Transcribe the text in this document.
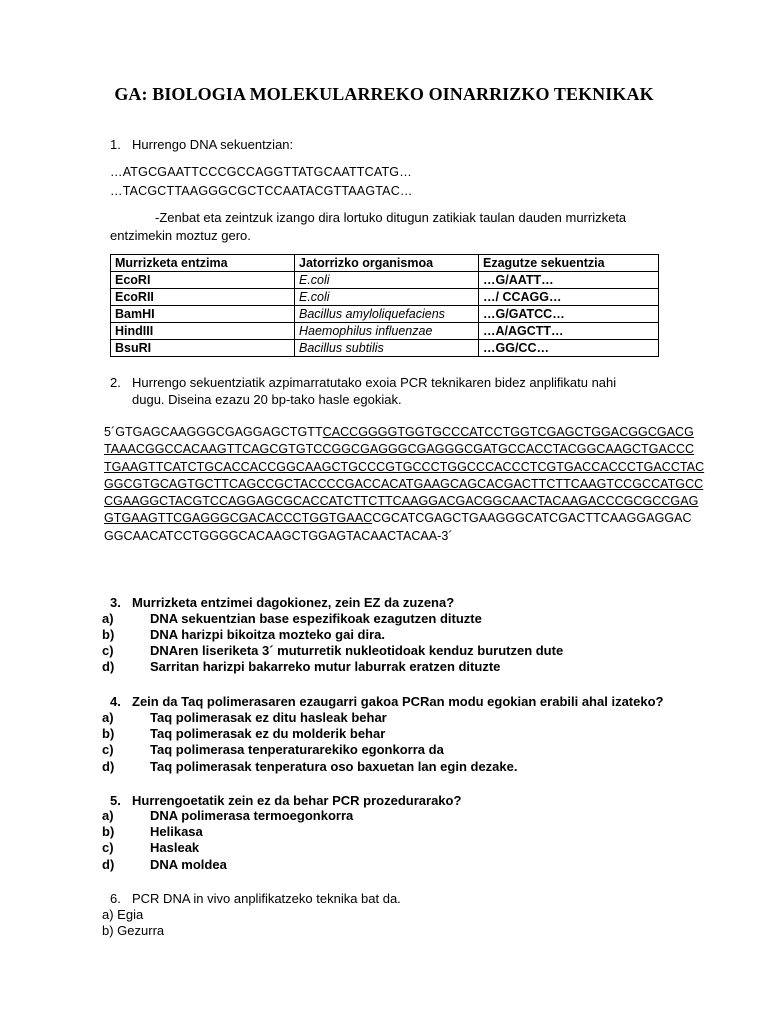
GA: BIOLOGIA MOLEKULARREKO OINARRIZKO TEKNIKAK
1. Hurrengo DNA sekuentzian:
…ATGCGAATTCCCGCCAGGTTATGCAATTCATG…
…TACGCTTAAGGGCGCTCCAATACGTTAAGTAC…
-Zenbat eta zeintzuk izango dira lortuko ditugun zatikiak taulan dauden murrizketa
entzimekin moztuz gero.
Murrizketa entzima	Jatorrizko organismoa	Ezagutze sekuentzia
EcoRI	E.coli	…G/AATT…
EcoRII	E.coli	…/ CCAGG…
BamHI	Bacillus amyloliquefaciens	…G/GATCC…
HindIII	Haemophilus influenzae	…A/AGCTT…
BsuRI	Bacillus subtilis	…GG/CC…
2. Hurrengo sekuentziatik azpimarratutako exoia PCR teknikaren bidez anplifikatu nahi
dugu. Diseina ezazu 20 bp-tako hasle egokiak.
5´GTGAGCAAGGGCGAGGAGCTGTTCACCGGGGTGGTGCCCATCCTGGTCGAGCTGGACGGCGACG
TAAACGGCCACAAGTTCAGCGTGTCCGGCGAGGGCGAGGGCGATGCCACCTACGGCAAGCTGACCC
TGAAGTTCATCTGCACCACCGGCAAGCTGCCCGTGCCCTGGCCCACCCTCGTGACCACCCTGACCTAC
GGCGTGCAGTGCTTCAGCCGCTACCCCGACCACATGAAGCAGCACGACTTCTTCAAGTCCGCCATGCC
CGAAGGCTACGTCCAGGAGCGCACCATCTTCTTCAAGGACGACGGCAACTACAAGACCCGCGCCGAG
GTGAAGTTCGAGGGCGACACCCTGGTGAACCGCATCGAGCTGAAGGGCATCGACTTCAAGGAGGAC
GGCAACATCCTGGGGCACAAGCTGGAGTACAACTACAA-3´
3. Murrizketa entzimei dagokionez, zein EZ da zuzena?
a)	DNA sekuentzian base espezifikoak ezagutzen dituzte
b)	DNA harizpi bikoitza mozteko gai dira.
c)	DNAren liseriketa 3´ muturretik nukleotidoak kenduz burutzen dute
d)	Sarritan harizpi bakarreko mutur laburrak eratzen dituzte
4. Zein da Taq polimerasaren ezaugarri gakoa PCRan modu egokian erabili ahal izateko?
a)	Taq polimerasak ez ditu hasleak behar
b)	Taq polimerasak ez du molderik behar
c)	Taq polimerasa tenperaturarekiko egonkorra da
d)	Taq polimerasak tenperatura oso baxuetan lan egin dezake.
5. Hurrengoetatik zein ez da behar PCR prozedurarako?
a)	DNA polimerasa termoegonkorra
b)	Helikasa
c)	Hasleak
d)	DNA moldea
6. PCR DNA in vivo anplifikatzeko teknika bat da.
a) Egia
b) Gezurra
